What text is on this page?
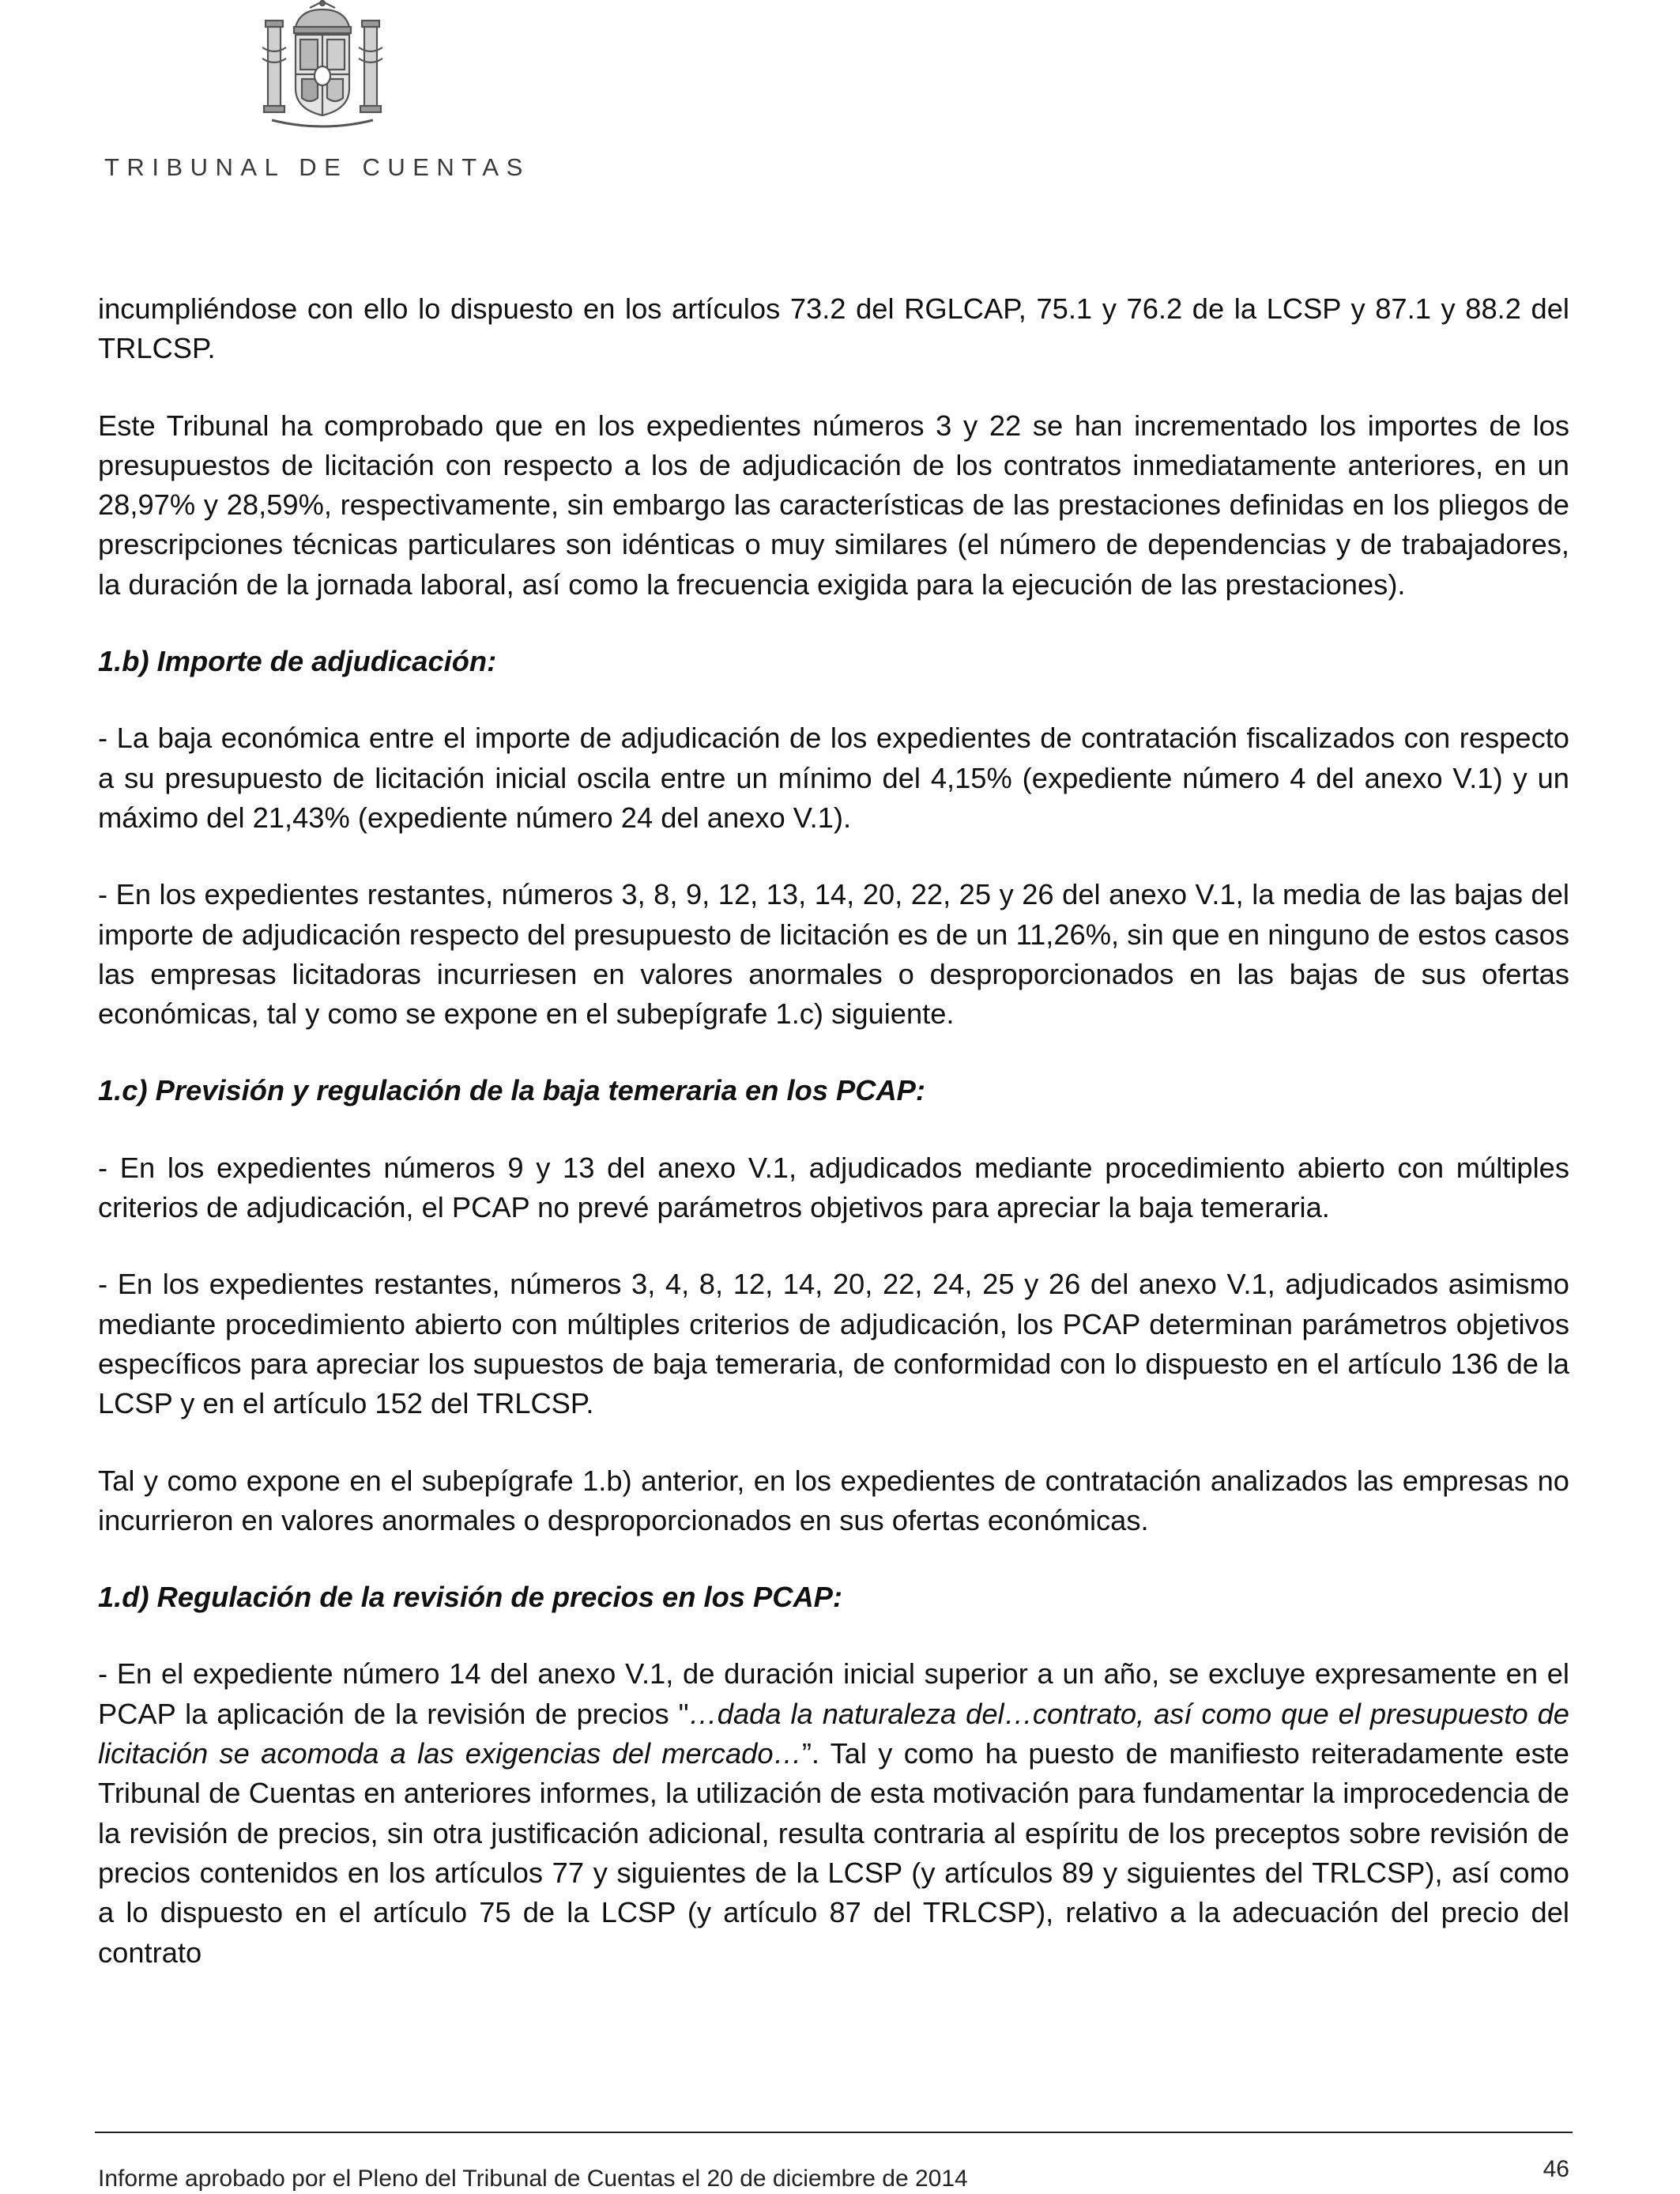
TRIBUNAL DE CUENTAS

incumpliéndose con ello lo dispuesto en los artículos 73.2 del RGLCAP, 75.1 y 76.2 de la LCSP y 87.1 y 88.2 del TRLCSP.

Este Tribunal ha comprobado que en los expedientes números 3 y 22 se han incrementado los importes de los presupuestos de licitación con respecto a los de adjudicación de los contratos inmediatamente anteriores, en un 28,97% y 28,59%, respectivamente, sin embargo las características de las prestaciones definidas en los pliegos de prescripciones técnicas particulares son idénticas o muy similares (el número de dependencias y de trabajadores, la duración de la jornada laboral, así como la frecuencia exigida para la ejecución de las prestaciones).

1.b) Importe de adjudicación:

- La baja económica entre el importe de adjudicación de los expedientes de contratación fiscalizados con respecto a su presupuesto de licitación inicial oscila entre un mínimo del 4,15% (expediente número 4 del anexo V.1) y un máximo del 21,43% (expediente número 24 del anexo V.1).

- En los expedientes restantes, números 3, 8, 9, 12, 13, 14, 20, 22, 25 y 26 del anexo V.1, la media de las bajas del importe de adjudicación respecto del presupuesto de licitación es de un 11,26%, sin que en ninguno de estos casos las empresas licitadoras incurriesen en valores anormales o desproporcionados en las bajas de sus ofertas económicas, tal y como se expone en el subepígrafe 1.c) siguiente.

1.c) Previsión y regulación de la baja temeraria en los PCAP:

- En los expedientes números 9 y 13 del anexo V.1, adjudicados mediante procedimiento abierto con múltiples criterios de adjudicación, el PCAP no prevé parámetros objetivos para apreciar la baja temeraria.

- En los expedientes restantes, números 3, 4, 8, 12, 14, 20, 22, 24, 25 y 26 del anexo V.1, adjudicados asimismo mediante procedimiento abierto con múltiples criterios de adjudicación, los PCAP determinan parámetros objetivos específicos para apreciar los supuestos de baja temeraria, de conformidad con lo dispuesto en el artículo 136 de la LCSP y en el artículo 152 del TRLCSP.

Tal y como expone en el subepígrafe 1.b) anterior, en los expedientes de contratación analizados las empresas no incurrieron en valores anormales o desproporcionados en sus ofertas económicas.

1.d) Regulación de la revisión de precios en los PCAP:

- En el expediente número 14 del anexo V.1, de duración inicial superior a un año, se excluye expresamente en el PCAP la aplicación de la revisión de precios "…dada la naturaleza del…contrato, así como que el presupuesto de licitación se acomoda a las exigencias del mercado…”. Tal y como ha puesto de manifiesto reiteradamente este Tribunal de Cuentas en anteriores informes, la utilización de esta motivación para fundamentar la improcedencia de la revisión de precios, sin otra justificación adicional, resulta contraria al espíritu de los preceptos sobre revisión de precios contenidos en los artículos 77 y siguientes de la LCSP (y artículos 89 y siguientes del TRLCSP), así como a lo dispuesto en el artículo 75 de la LCSP (y artículo 87 del TRLCSP), relativo a la adecuación del precio del contrato

46
Informe aprobado por el Pleno del Tribunal de Cuentas el 20 de diciembre de 2014
